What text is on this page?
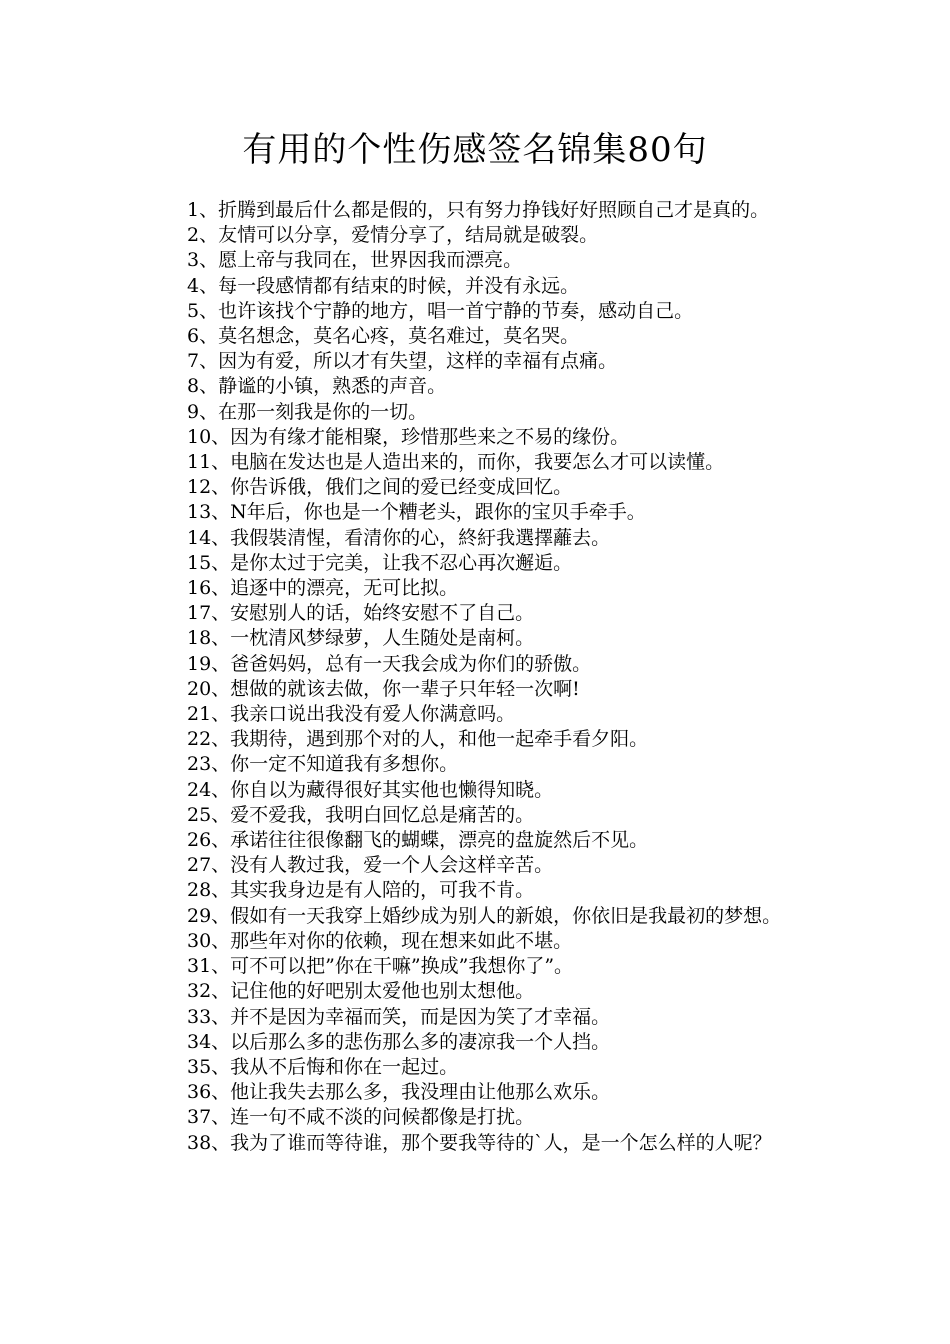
有用的个性伤感签名锦集80句
1、折腾到最后什么都是假的，只有努力挣钱好好照顾自己才是真的。
2、友情可以分享，爱情分享了，结局就是破裂。
3、愿上帝与我同在，世界因我而漂亮。
4、每一段感情都有结束的时候，并没有永远。
5、也许该找个宁静的地方，唱一首宁静的节奏，感动自己。
6、莫名想念，莫名心疼，莫名难过，莫名哭。
7、因为有爱，所以才有失望，这样的幸福有点痛。
8、静谧的小镇，熟悉的声音。
9、在那一刻我是你的一切。
10、因为有缘才能相聚，珍惜那些来之不易的缘份。
11、电脑在发达也是人造出来的，而你，我要怎么才可以读懂。
12、你告诉俄，俄们之间的爱已经变成回忆。
13、N年后，你也是一个糟老头，跟你的宝贝手牵手。
14、我假裝清惺，看清你的心，終紆我選擇蘺去。
15、是你太过于完美，让我不忍心再次邂逅。
16、追逐中的漂亮，无可比拟。
17、安慰别人的话，始终安慰不了自己。
18、一枕清风梦绿萝，人生随处是南柯。
19、爸爸妈妈，总有一天我会成为你们的骄傲。
20、想做的就该去做，你一辈子只年轻一次啊!
21、我亲口说出我没有爱人你满意吗。
22、我期待，遇到那个对的人，和他一起牵手看夕阳。
23、你一定不知道我有多想你。
24、你自以为藏得很好其实他也懒得知晓。
25、爱不爱我，我明白回忆总是痛苦的。
26、承诺往往很像翻飞的蝴蝶，漂亮的盘旋然后不见。
27、没有人教过我，爱一个人会这样辛苦。
28、其实我身边是有人陪的，可我不肯。
29、假如有一天我穿上婚纱成为别人的新娘，你依旧是我最初的梦想。
30、那些年对你的依赖，现在想来如此不堪。
31、可不可以把”你在干嘛”换成”我想你了”。
32、记住他的好吧别太爱他也别太想他。
33、并不是因为幸福而笑，而是因为笑了才幸福。
34、以后那么多的悲伤那么多的凄凉我一个人挡。
35、我从不后悔和你在一起过。
36、他让我失去那么多，我没理由让他那么欢乐。
37、连一句不咸不淡的问候都像是打扰。
38、我为了谁而等待谁，那个要我等待的`人，是一个怎么样的人呢？
